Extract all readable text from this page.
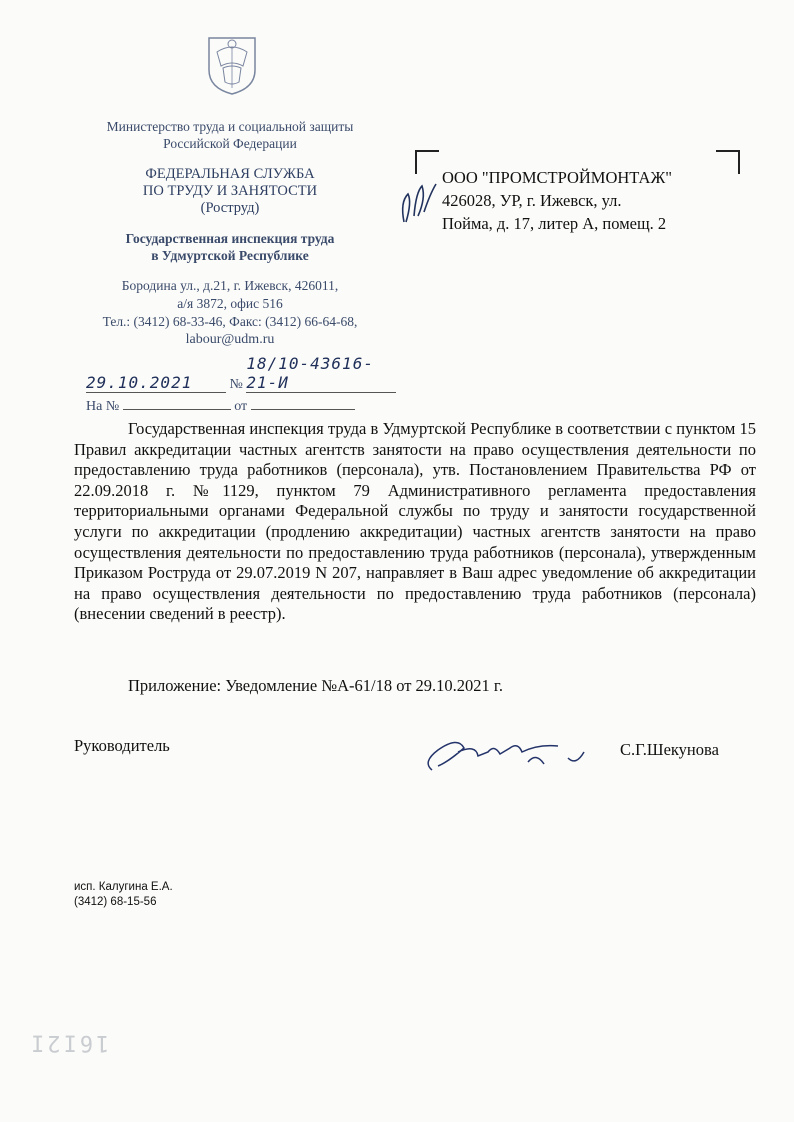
Министерство труда и социальной защиты
Российской Федерации
ФЕДЕРАЛЬНАЯ СЛУЖБА
ПО ТРУДУ И ЗАНЯТОСТИ
(Роструд)
Государственная инспекция труда
в Удмуртской Республике
Бородина ул., д.21, г. Ижевск, 426011,
а/я 3872, офис 516
Тел.: (3412) 68-33-46, Факс: (3412) 66-64-68,
labour@udm.ru
29.10.2021	№ 18/10-43616-21-И
На №	от
ООО "ПРОМСТРОЙМОНТАЖ"
426028, УР, г. Ижевск, ул.
Пойма, д. 17, литер А, помещ. 2
Государственная инспекция труда в Удмуртской Республике в соответствии с пунктом 15 Правил аккредитации частных агентств занятости на право осуществления деятельности по предоставлению труда работников (персонала), утв. Постановлением Правительства РФ от 22.09.2018 г. №1129, пунктом 79 Административного регламента предоставления территориальными органами Федеральной службы по труду и занятости государственной услуги по аккредитации (продлению аккредитации) частных агентств занятости на право осуществления деятельности по предоставлению труда работников (персонала), утвержденным Приказом Роструда от 29.07.2019 N 207, направляет в Ваш адрес уведомление об аккредитации на право осуществления деятельности по предоставлению труда работников (персонала) (внесении сведений в реестр).
Приложение: Уведомление №А-61/18 от 29.10.2021 г.
Руководитель	С.Г.Шекунова
исп. Калугина Е.А.
(3412) 68-15-56
16Ι2Ι
